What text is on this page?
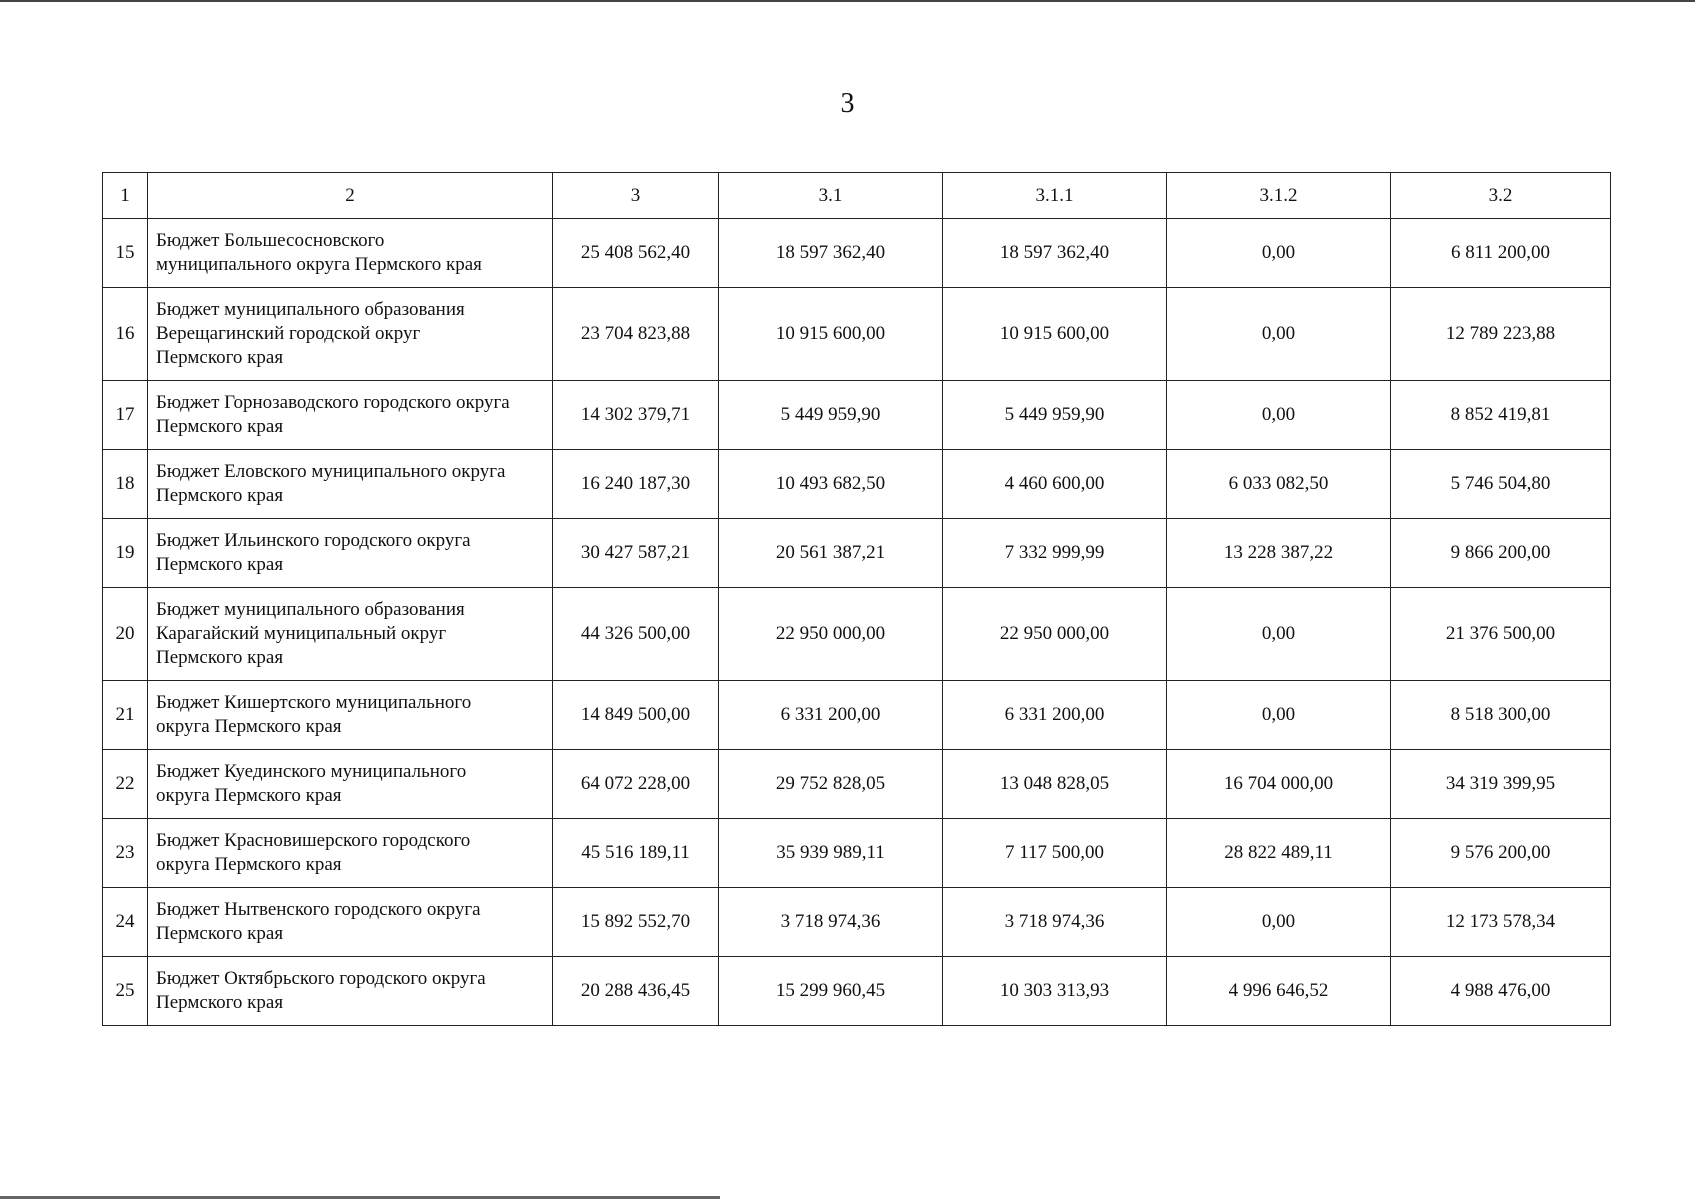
3
1	2	3	3.1	3.1.1	3.1.2	3.2
15	Бюджет Большесосновского
муниципального округа Пермского края	25 408 562,40	18 597 362,40	18 597 362,40	0,00	6 811 200,00
16	Бюджет муниципального образования
Верещагинский городской округ
Пермского края	23 704 823,88	10 915 600,00	10 915 600,00	0,00	12 789 223,88
17	Бюджет Горнозаводского городского округа
Пермского края	14 302 379,71	5 449 959,90	5 449 959,90	0,00	8 852 419,81
18	Бюджет Еловского муниципального округа
Пермского края	16 240 187,30	10 493 682,50	4 460 600,00	6 033 082,50	5 746 504,80
19	Бюджет Ильинского городского округа
Пермского края	30 427 587,21	20 561 387,21	7 332 999,99	13 228 387,22	9 866 200,00
20	Бюджет муниципального образования
Карагайский муниципальный округ
Пермского края	44 326 500,00	22 950 000,00	22 950 000,00	0,00	21 376 500,00
21	Бюджет Кишертского муниципального
округа Пермского края	14 849 500,00	6 331 200,00	6 331 200,00	0,00	8 518 300,00
22	Бюджет Куединского муниципального
округа Пермского края	64 072 228,00	29 752 828,05	13 048 828,05	16 704 000,00	34 319 399,95
23	Бюджет Красновишерского городского
округа Пермского края	45 516 189,11	35 939 989,11	7 117 500,00	28 822 489,11	9 576 200,00
24	Бюджет Нытвенского городского округа
Пермского края	15 892 552,70	3 718 974,36	3 718 974,36	0,00	12 173 578,34
25	Бюджет Октябрьского городского округа
Пермского края	20 288 436,45	15 299 960,45	10 303 313,93	4 996 646,52	4 988 476,00
